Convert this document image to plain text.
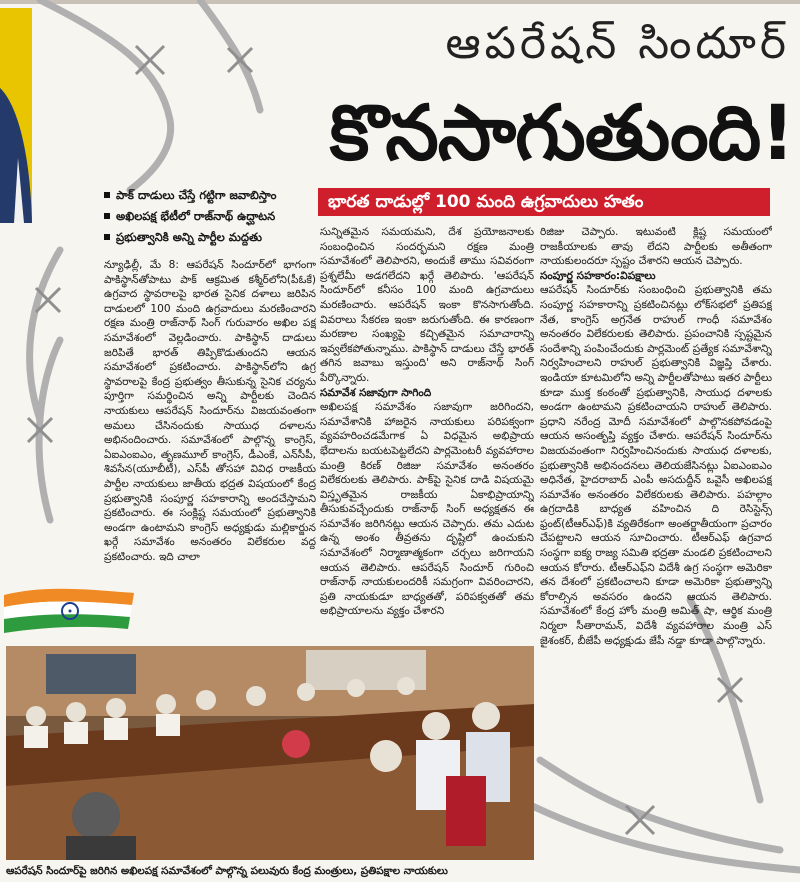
ఆపరేషన్ సిందూర్
కొనసాగుతుంది!
పాక్ దాడులు చేస్తే గట్టిగా జవాబిస్తాం
అఖిలపక్ష భేటీలో రాజ్‌నాథ్ ఉద్ఘాటన
ప్రభుత్వానికి అన్ని పార్టీల మద్దతు
భారత దాడుల్లో 100 మంది ఉగ్రవాదులు హతం

న్యూఢిల్లీ, మే 8: ఆపరేషన్ సిందూర్‌లో భాగంగా పాకిస్థాన్‌తోపాటు పాక్ ఆక్రమిత కశ్మీర్‌లోని(పీఓకే) ఉగ్రవాద స్థావరాలపై భారత సైనిక దళాలు జరిపిన దాడులలో 100 మంది ఉగ్రవాదులు మరణించారని రక్షణ మంత్రి రాజ్‌నాథ్ సింగ్ గురువారం అఖిల పక్ష సమావేశంలో వెల్లడించారు. పాకిస్థాన్ దాడులు జరిపితే భారత్ తిప్పికొడుతుందని ఆయన సమావేశంలో ప్రకటించారు. పాకిస్థాన్‌లోని ఉగ్ర స్థావరాలపై కేంద్ర ప్రభుత్వం తీసుకున్న సైనిక చర్యను పూర్తిగా సమర్థించిన అన్ని పార్టీలకు చెందిన నాయకులు ఆపరేషన్ సిందూర్‌ను విజయవంతంగా అమలు చేసినందుకు సాయుధ దళాలను అభినందించారు. సమావేశంలో పాల్గొన్న కాంగ్రెస్, ఏఐఎంఐఎం, తృణమూల్ కాంగ్రెస్, డీఎంకే, ఎన్‌సీపీ, శివసేన(యూబీటీ), ఎస్‌పీ తోసహా వివిధ రాజకీయ పార్టీల నాయకులు జాతీయ భద్రత విషయంలో కేంద్ర ప్రభుత్వానికి సంపూర్ణ సహకారాన్ని అందచేస్తామని ప్రకటించారు. ఈ సంక్లిష్ట సమయంలో ప్రభుత్వానికి అండగా ఉంటామని కాంగ్రెస్ అధ్యక్షుడు మల్లికార్జున ఖర్గే సమావేశం అనంతరం విలేకరుల వద్ద ప్రకటించారు. ఇది చాలా

సున్నితమైన సమయమని, దేశ ప్రయోజనాలకు సంబంధించిన సందర్భమని రక్షణ మంత్రి సమావేశంలో తెలిపారని, అందుకే తాము సవివరంగా ప్రశ్నలేమీ అడగలేదని ఖర్గే తెలిపారు. 'ఆపరేషన్ సిందూర్‌లో కనీసం 100 మంది ఉగ్రవాదులు మరణించారు. ఆపరేషన్ ఇంకా కొనసాగుతోంది. వివరాలు సేకరణ ఇంకా జరుగుతోంది. ఈ కారణంగా మరణాల సంఖ్యపై కచ్చితమైన సమాచారాన్ని ఇవ్వలేకపోతున్నాము. పాకిస్థాన్ దాడులు చేస్తే భారత్ తగిన జవాబు ఇస్తుంది' అని రాజ్‌నాథ్ సింగ్ పేర్కొన్నారు.

సమావేశ సజావుగా సాగింది

అఖిలపక్ష సమావేశం సజావుగా జరిగిందని, సమావేశానికి హాజరైన నాయకులు పరిపక్వంగా వ్యవహరించడమేగాక ఏ విధమైన అభిప్రాయ భేదాలను బయటపెట్టలేదని పార్లమెంటరీ వ్యవహారాల మంత్రి కిరణ్ రిజిజు సమావేశం అనంతరం విలేకరులకు తెలిపారు. పాక్‌పై సైనిక దాడి విషయమై విస్తృతమైన రాజకీయ ఏకాభిప్రాయాన్ని తీసుకువచ్చేందుకు రాజ్‌నాథ్ సింగ్ అధ్యక్షతన ఈ సమావేశం జరిగినట్లు ఆయన చెప్పారు. తమ ఎదుట ఉన్న అంశం తీవ్రతను దృష్టిలో ఉంచుకుని సమావేశంలో నిర్మాణాత్మకంగా చర్చలు జరిగాయని ఆయన తెలిపారు. ఆపరేషన్ సిందూర్ గురించి రాజ్‌నాథ్ నాయకులందరికీ సమగ్రంగా వివరించారని, ప్రతి నాయకుడూ బాధ్యతతో, పరిపక్వతతో తమ అభిప్రాయాలను వ్యక్తం చేశారని

రిజిజు చెప్పారు. ఇటువంటి క్లిష్ట సమయంలో రాజకీయాలకు తావు లేదని పార్టీలకు అతీతంగా నాయకులందరూ స్పష్టం చేశారని ఆయన చెప్పారు.

సంపూర్ణ సహకారం:విపక్షాలు

ఆపరేషన్ సిందూర్‌కు సంబంధించి ప్రభుత్వానికి తమ సంపూర్ణ సహకారాన్ని ప్రకటించినట్లు లోక్‌సభలో ప్రతిపక్ష నేత, కాంగ్రెస్ అగ్రనేత రాహుల్ గాంధీ సమావేశం అనంతరం విలేకరులకు తెలిపారు. ప్రపంచానికి స్పష్టమైన సందేశాన్ని పంపించేందుకు పార్లమెంట్ ప్రత్యేక సమావేశాన్ని నిర్వహించాలని రాహుల్ ప్రభుత్వానికి విజ్ఞప్తి చేశారు. ఇండియా కూటమిలోని అన్ని పార్టీలతోపాటు ఇతర పార్టీలు కూడా ముక్త కంఠంతో ప్రభుత్వానికి, సాయుధ దళాలకు అండగా ఉంటామని ప్రకటించాయని రాహుల్ తెలిపారు. ప్రధాని నరేంద్ర మోదీ సమావేశంలో పాల్గొనకపోవడంపై ఆయన అసంతృప్తి వ్యక్తం చేశారు. ఆపరేషన్ సిందూర్‌ను విజయవంతంగా నిర్వహించినందుకు సాయుధ దళాలకు, ప్రభుత్వానికి అభినందనలు తెలియజేసినట్లు ఏఐఎంఐఎం అధినేత, హైదరాబాద్ ఎంపీ అసదుద్దీన్ ఒవైసీ అఖిలపక్ష సమావేశం అనంతరం విలేకరులకు తెలిపారు. పహల్గాం ఉగ్రదాడికి బాధ్యత వహించిన ది రెసిస్టెన్స్ ఫ్రంట్(టీఆర్‌ఎఫ్)కి వ్యతిరేకంగా అంతర్జాతీయంగా ప్రచారం చేపట్టాలని ఆయన సూచించారు. టీఆర్‌ఎఫ్ ఉగ్రవాద సంస్థగా ఐక్య రాజ్య సమితి భద్రతా మండలి ప్రకటించాలని ఆయన కోరారు. టీఆర్‌ఎఫ్‌ని విదేశీ ఉగ్ర సంస్థగా అమెరికా తన దేశంలో ప్రకటించాలని కూడా అమెరికా ప్రభుత్వాన్ని కోరాల్సిన అవసరం ఉందని ఆయన తెలిపారు. సమావేశంలో కేంద్ర హోం మంత్రి అమిత్ షా, ఆర్థిక మంత్రి నిర్మలా సీతారామన్, విదేశీ వ్యవహారాల మంత్రి ఎస్ జైశంకర్, బీజేపీ అధ్యక్షుడు జేపీ నడ్డా కూడా పాల్గొన్నారు.

ఆపరేషన్ సిందూర్‌పై జరిగిన అఖిలపక్ష సమావేశంలో పాల్గొన్న పలువురు కేంద్ర మంత్రులు, ప్రతిపక్షాల నాయకులు
